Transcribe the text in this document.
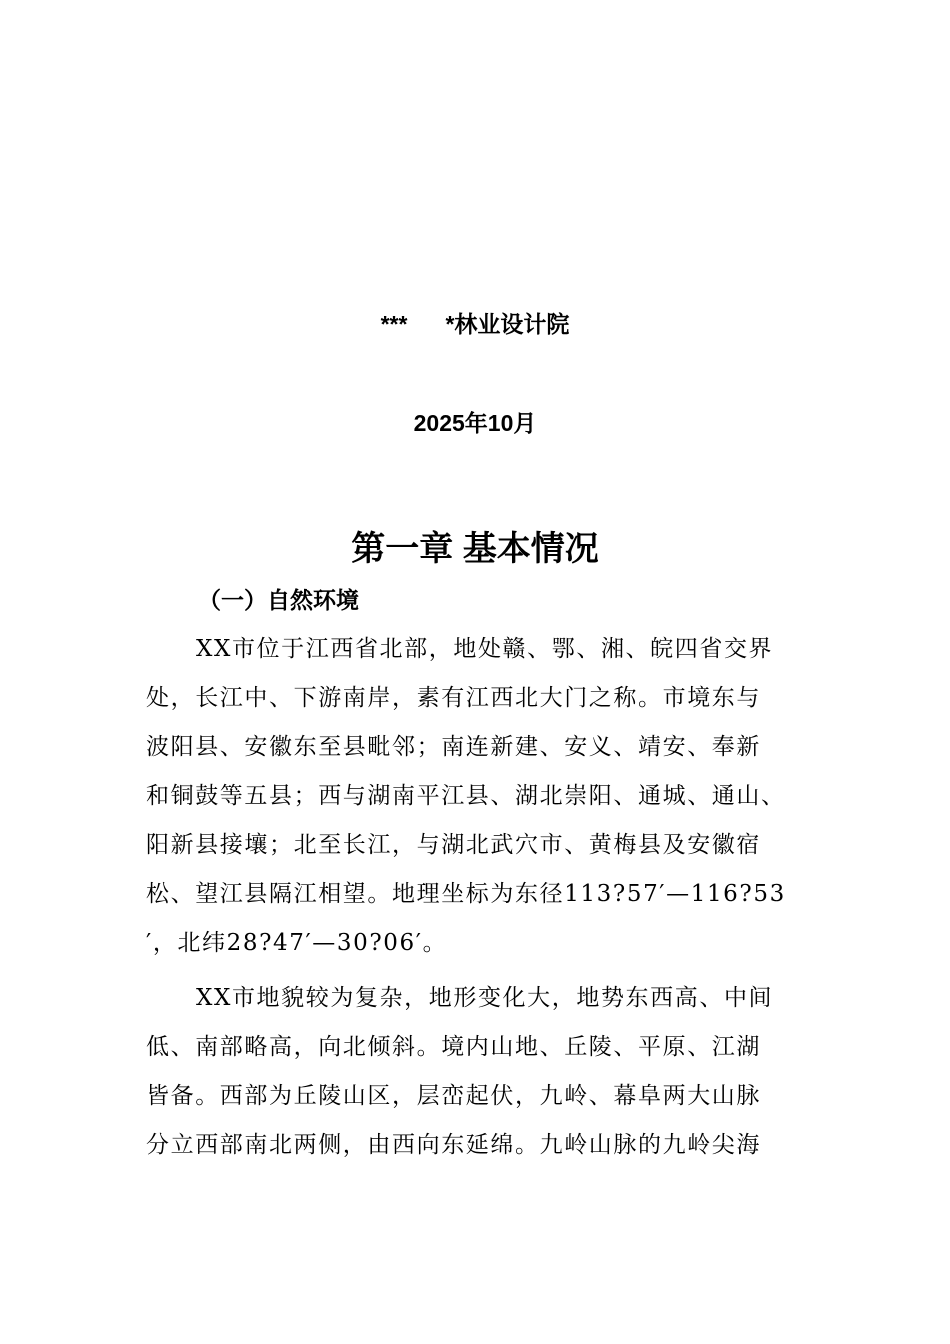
*** *林业设计院
2025年10月
第一章 基本情况
（一）自然环境
XX市位于江西省北部，地处赣、鄂、湘、皖四省交界
处，长江中、下游南岸，素有江西北大门之称。市境东与
波阳县、安徽东至县毗邻；南连新建、安义、靖安、奉新
和铜鼓等五县；西与湖南平江县、湖北崇阳、通城、通山、
阳新县接壤；北至长江，与湖北武穴市、黄梅县及安徽宿
松、望江县隔江相望。地理坐标为东径113?57′—116?53
′，北纬28?47′—30?06′。
XX市地貌较为复杂，地形变化大，地势东西高、中间
低、南部略高，向北倾斜。境内山地、丘陵、平原、江湖
皆备。西部为丘陵山区，层峦起伏，九岭、幕阜两大山脉
分立西部南北两侧，由西向东延绵。九岭山脉的九岭尖海
